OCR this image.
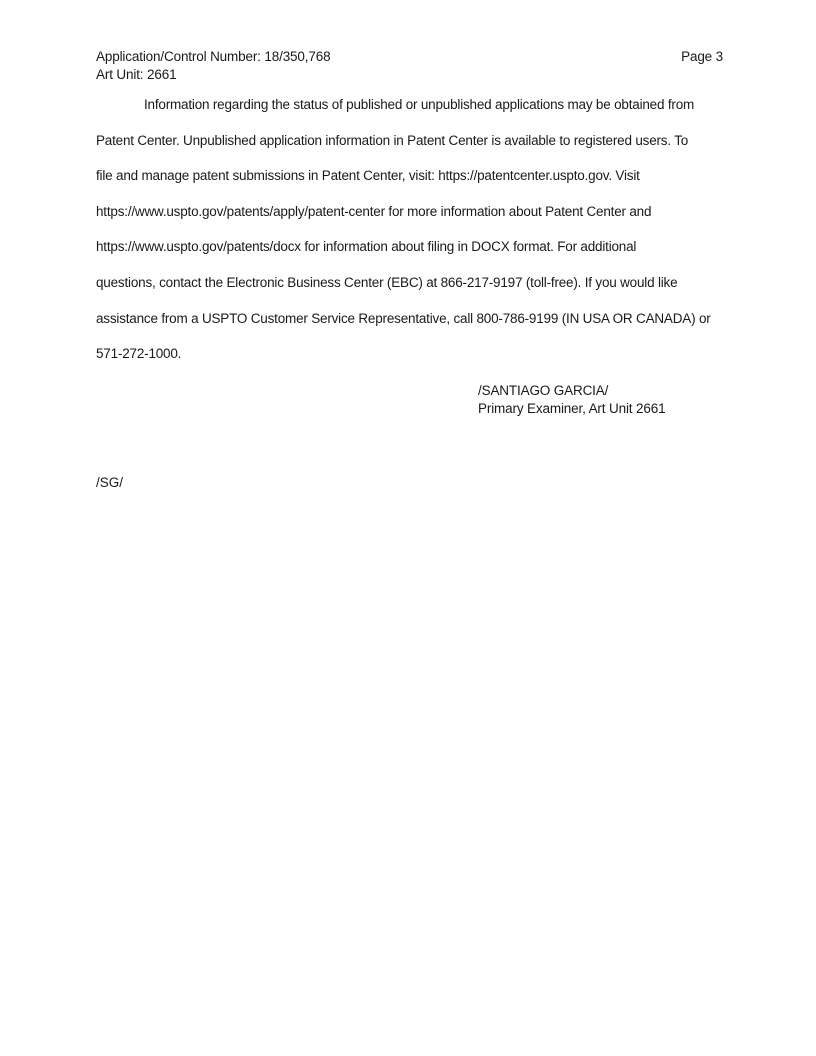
Application/Control Number: 18/350,768	Page 3
Art Unit: 2661
Information regarding the status of published or unpublished applications may be obtained from
Patent Center. Unpublished application information in Patent Center is available to registered users. To
file and manage patent submissions in Patent Center, visit: https://patentcenter.uspto.gov. Visit
https://www.uspto.gov/patents/apply/patent-center for more information about Patent Center and
https://www.uspto.gov/patents/docx for information about filing in DOCX format. For additional
questions, contact the Electronic Business Center (EBC) at 866-217-9197 (toll-free). If you would like
assistance from a USPTO Customer Service Representative, call 800-786-9199 (IN USA OR CANADA) or
571-272-1000.
/SANTIAGO GARCIA/
Primary Examiner, Art Unit 2661
/SG/
